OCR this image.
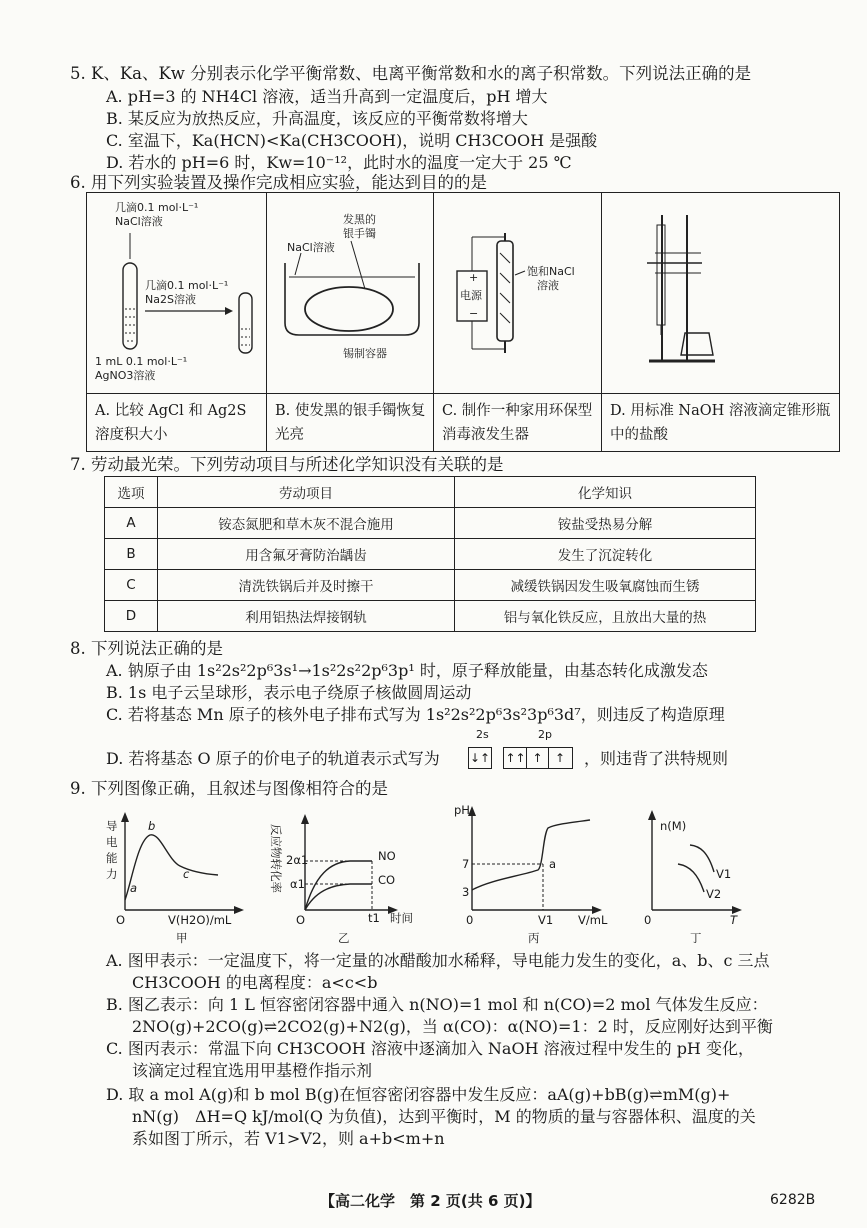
5. K、Ka、Kw 分别表示化学平衡常数、电离平衡常数和水的离子积常数。下列说法正确的是
A. pH=3 的 NH4Cl 溶液，适当升高到一定温度后，pH 增大
B. 某反应为放热反应，升高温度，该反应的平衡常数将增大
C. 室温下，Ka(HCN)<Ka(CH3COOH)，说明 CH3COOH 是强酸
D. 若水的 pH=6 时，Kw=10⁻¹²，此时水的温度一定大于 25 ℃
6. 用下列实验装置及操作完成相应实验，能达到目的的是
几滴0.1 mol·L⁻¹
NaCl溶液
几滴0.1 mol·L⁻¹
Na2S溶液
1 mL 0.1 mol·L⁻¹
AgNO3溶液
NaCl溶液
发黑的
银手镯
锡制容器
电源
+
−
饱和NaCl
溶液
A. 比较 AgCl 和 Ag2S 溶度积大小
B. 使发黑的银手镯恢复光亮
C. 制作一种家用环保型消毒液发生器
D. 用标准 NaOH 溶液滴定锥形瓶中的盐酸
7. 劳动最光荣。下列劳动项目与所述化学知识没有关联的是
选项	劳动项目	化学知识
A	铵态氮肥和草木灰不混合施用	铵盐受热易分解
B	用含氟牙膏防治龋齿	发生了沉淀转化
C	清洗铁锅后并及时擦干	减缓铁锅因发生吸氧腐蚀而生锈
D	利用铝热法焊接钢轨	铝与氧化铁反应，且放出大量的热
8. 下列说法正确的是
A. 钠原子由 1s²2s²2p⁶3s¹→1s²2s²2p⁶3p¹ 时，原子释放能量，由基态转化成激发态
B. 1s 电子云呈球形，表示电子绕原子核做圆周运动
C. 若将基态 Mn 原子的核外电子排布式写为 1s²2s²2p⁶3s²3p⁶3d⁷，则违反了构造原理
D. 若将基态 O 原子的价电子的轨道表示式写为
2s	2p
↓↑ ↑↑ ↑ ↑	，则违背了洪特规则
9. 下列图像正确，且叙述与图像相符合的是
导
电
能
力
O
a
b
c
V(H2O)/mL
甲
反应物转化率 2α1
α1
O	t1 时间
NO
CO
乙
pH
7
3
0	V1 V/mL
a
丙
n(M)
V1
V2
0	T
丁
A. 图甲表示：一定温度下，将一定量的冰醋酸加水稀释，导电能力发生的变化，a、b、c 三点
CH3COOH 的电离程度：a<c<b
B. 图乙表示：向 1 L 恒容密闭容器中通入 n(NO)=1 mol 和 n(CO)=2 mol 气体发生反应：
2NO(g)+2CO(g)⇌2CO2(g)+N2(g)，当 α(CO)：α(NO)=1：2 时，反应刚好达到平衡
C. 图丙表示：常温下向 CH3COOH 溶液中逐滴加入 NaOH 溶液过程中发生的 pH 变化，
该滴定过程宜选用甲基橙作指示剂
D. 取 a mol A(g)和 b mol B(g)在恒容密闭容器中发生反应：aA(g)+bB(g)⇌mM(g)+
nN(g)　ΔH=Q kJ/mol(Q 为负值)，达到平衡时，M 的物质的量与容器体积、温度的关
系如图丁所示，若 V1>V2，则 a+b<m+n
【高二化学　第 2 页(共 6 页)】	6282B
